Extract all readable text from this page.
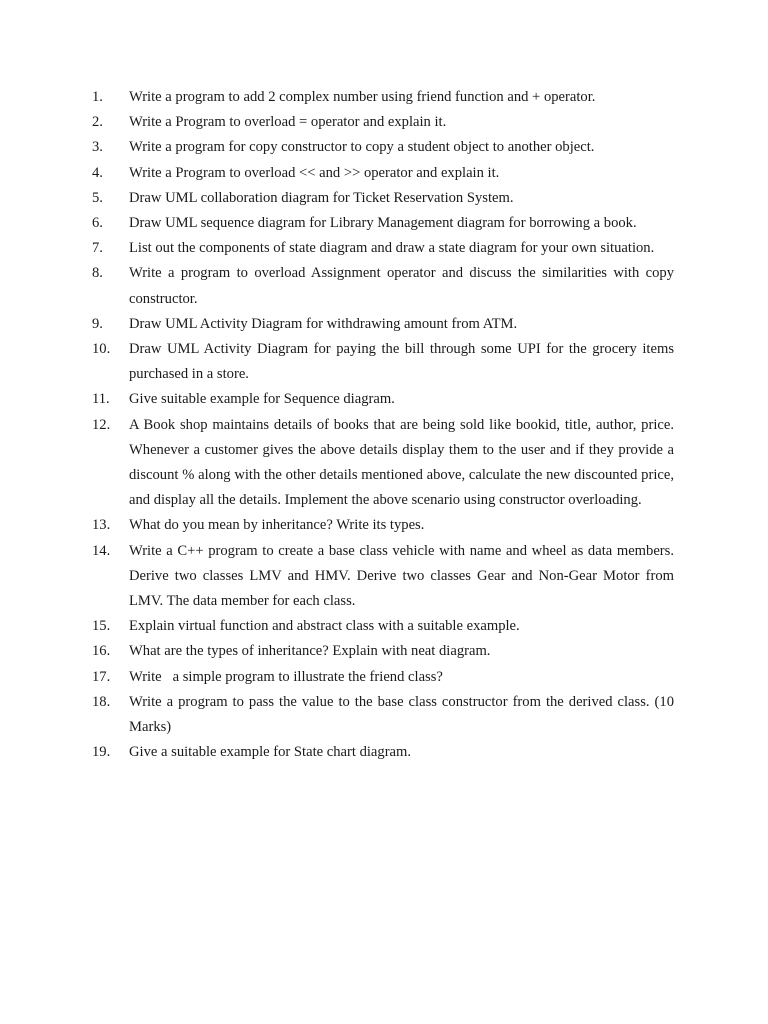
1.	Write a program to add 2 complex number using friend function and + operator.
2.	Write a Program to overload = operator and explain it.
3.	Write a program for copy constructor to copy a student object to another object.
4.	Write a Program to overload << and >> operator and explain it.
5.	Draw UML collaboration diagram for Ticket Reservation System.
6.	Draw UML sequence diagram for Library Management diagram for borrowing a book.
7.	List out the components of state diagram and draw a state diagram for your own situation.
8.	Write a program to overload Assignment operator and discuss the similarities with copy constructor.
9.	Draw UML Activity Diagram for withdrawing amount from ATM.
10.	Draw UML Activity Diagram for paying the bill through some UPI for the grocery items purchased in a store.
11.	Give suitable example for Sequence diagram.
12.	A Book shop maintains details of books that are being sold like bookid, title, author, price. Whenever a customer gives the above details display them to the user and if they provide a discount % along with the other details mentioned above, calculate the new discounted price, and display all the details. Implement the above scenario using constructor overloading.
13.	What do you mean by inheritance? Write its types.
14.	Write a C++ program to create a base class vehicle with name and wheel as data members. Derive two classes LMV and HMV. Derive two classes Gear and Non-Gear Motor from LMV. The data member for each class.
15.	Explain virtual function and abstract class with a suitable example.
16.	What are the types of inheritance? Explain with neat diagram.
17.	Write   a simple program to illustrate the friend class?
18.	Write a program to pass the value to the base class constructor from the derived class. (10 Marks)
19.	Give a suitable example for State chart diagram.
